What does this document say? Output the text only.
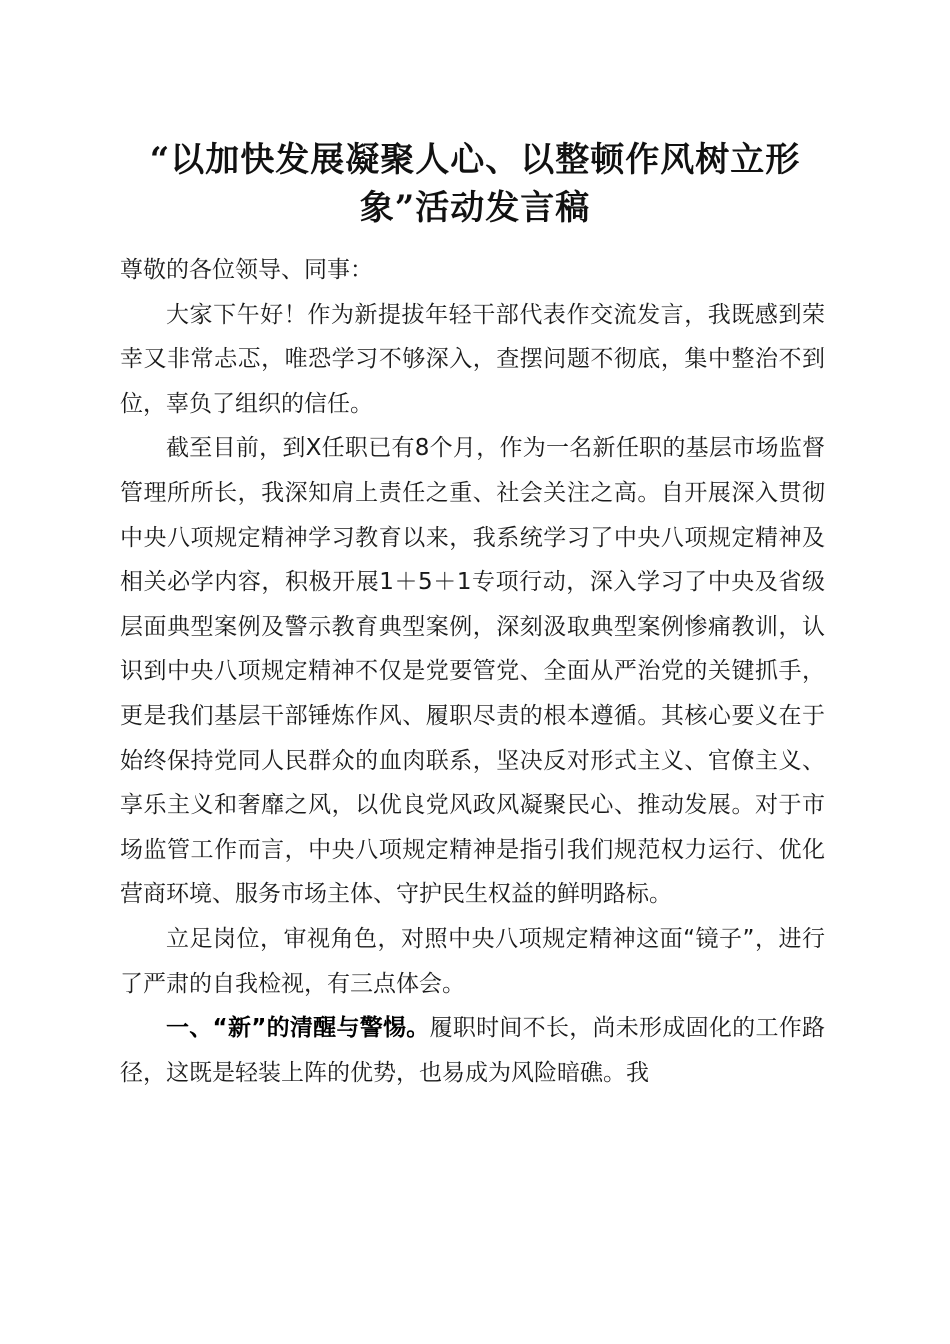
“以加快发展凝聚人心、以整顿作风树立形象”活动发言稿

尊敬的各位领导、同事：

大家下午好！作为新提拔年轻干部代表作交流发言，我既感到荣幸又非常忐忑，唯恐学习不够深入，查摆问题不彻底，集中整治不到位，辜负了组织的信任。

截至目前，到X任职已有8个月，作为一名新任职的基层市场监督管理所所长，我深知肩上责任之重、社会关注之高。自开展深入贯彻中央八项规定精神学习教育以来，我系统学习了中央八项规定精神及相关必学内容，积极开展1＋5＋1专项行动，深入学习了中央及省级层面典型案例及警示教育典型案例，深刻汲取典型案例惨痛教训，认识到中央八项规定精神不仅是党要管党、全面从严治党的关键抓手，更是我们基层干部锤炼作风、履职尽责的根本遵循。其核心要义在于始终保持党同人民群众的血肉联系，坚决反对形式主义、官僚主义、享乐主义和奢靡之风，以优良党风政风凝聚民心、推动发展。对于市场监管工作而言，中央八项规定精神是指引我们规范权力运行、优化营商环境、服务市场主体、守护民生权益的鲜明路标。

立足岗位，审视角色，对照中央八项规定精神这面“镜子”，进行了严肃的自我检视，有三点体会。

一、“新”的清醒与警惕。履职时间不长，尚未形成固化的工作路径，这既是轻装上阵的优势，也易成为风险暗礁。我
